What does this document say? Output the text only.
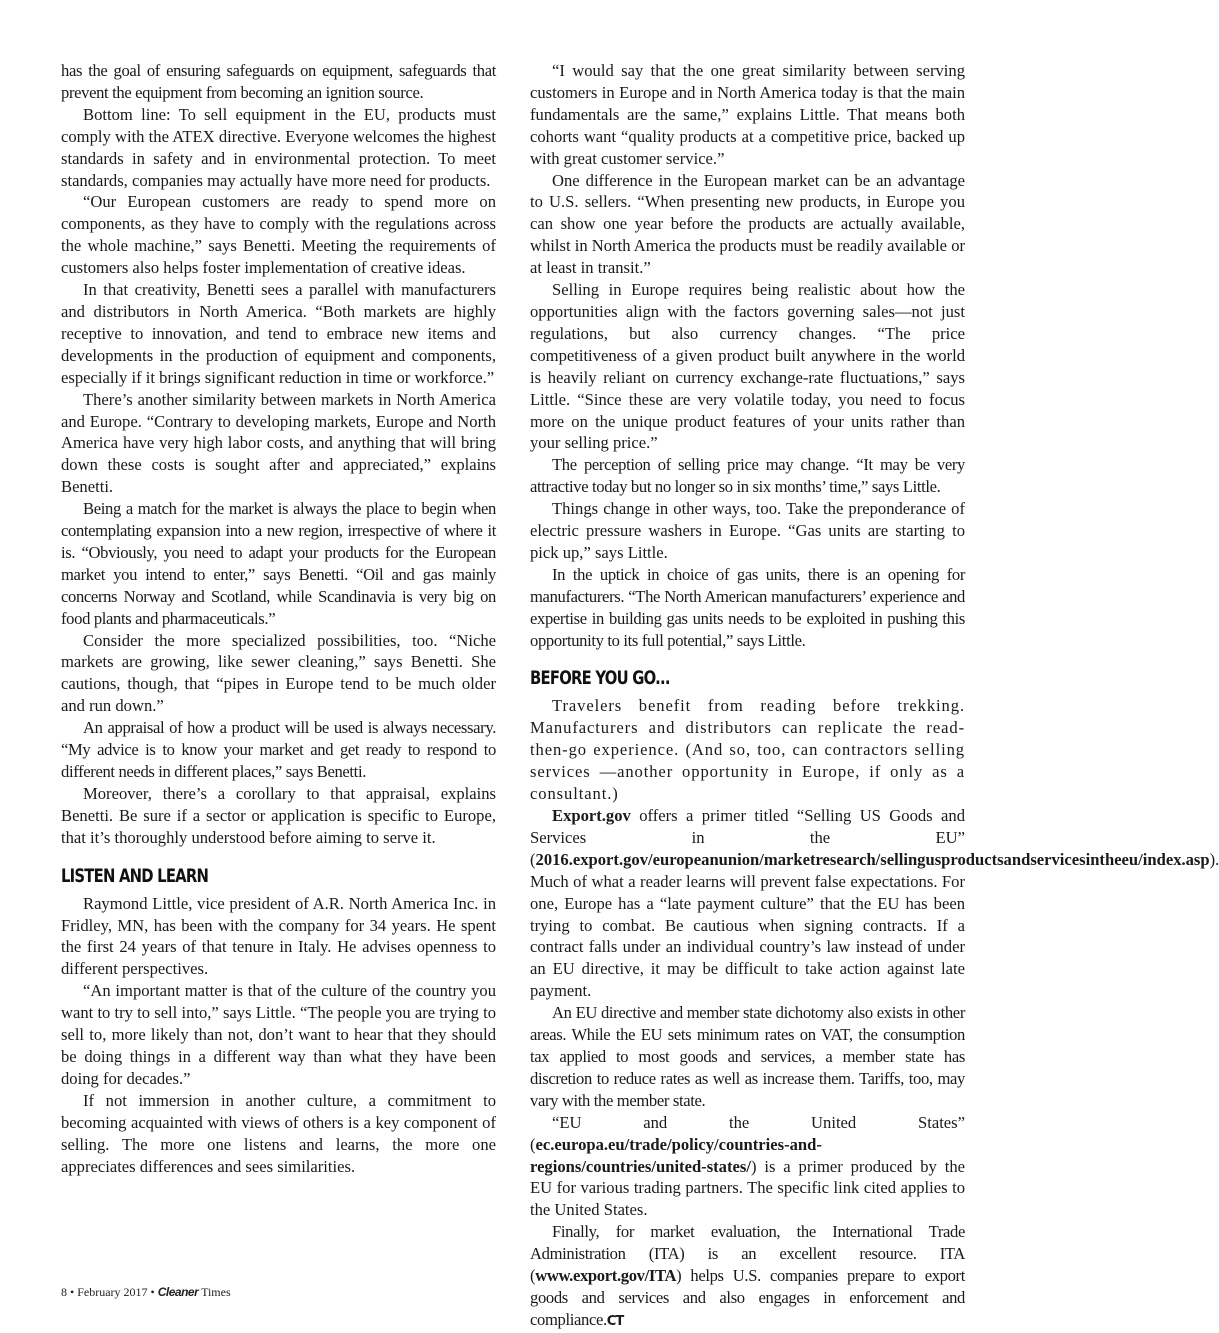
has the goal of ensuring safeguards on equipment, safeguards that prevent the equipment from becoming an ignition source.

Bottom line: To sell equipment in the EU, products must comply with the ATEX directive. Everyone welcomes the highest standards in safety and in environmental protection. To meet standards, companies may actually have more need for products.

“Our European customers are ready to spend more on components, as they have to comply with the regulations across the whole machine,” says Benetti. Meeting the requirements of customers also helps foster implementation of creative ideas.

In that creativity, Benetti sees a parallel with manufacturers and distributors in North America. “Both markets are highly receptive to innovation, and tend to embrace new items and developments in the production of equipment and components, especially if it brings significant reduction in time or workforce.”

There’s another similarity between markets in North America and Europe. “Contrary to developing markets, Europe and North America have very high labor costs, and anything that will bring down these costs is sought after and appreciated,” explains Benetti.

Being a match for the market is always the place to begin when contemplating expansion into a new region, irrespective of where it is. “Obviously, you need to adapt your products for the European market you intend to enter,” says Benetti. “Oil and gas mainly concerns Norway and Scotland, while Scandinavia is very big on food plants and pharmaceuticals.”

Consider the more specialized possibilities, too. “Niche markets are growing, like sewer cleaning,” says Benetti. She cautions, though, that “pipes in Europe tend to be much older and run down.”

An appraisal of how a product will be used is always necessary. “My advice is to know your market and get ready to respond to different needs in different places,” says Benetti.

Moreover, there’s a corollary to that appraisal, explains Benetti. Be sure if a sector or application is specific to Europe, that it’s thoroughly understood before aiming to serve it.

LISTEN AND LEARN

Raymond Little, vice president of A.R. North America Inc. in Fridley, MN, has been with the company for 34 years. He spent the first 24 years of that tenure in Italy. He advises openness to different perspectives.

“An important matter is that of the culture of the country you want to try to sell into,” says Little. “The people you are trying to sell to, more likely than not, don’t want to hear that they should be doing things in a different way than what they have been doing for decades.”

If not immersion in another culture, a commitment to becoming acquainted with views of others is a key component of selling. The more one listens and learns, the more one appreciates differences and sees similarities.

“I would say that the one great similarity between serving customers in Europe and in North America today is that the main fundamentals are the same,” explains Little. That means both cohorts want “quality products at a competitive price, backed up with great customer service.”

One difference in the European market can be an advantage to U.S. sellers. “When presenting new products, in Europe you can show one year before the products are actually available, whilst in North America the products must be readily available or at least in transit.”

Selling in Europe requires being realistic about how the opportunities align with the factors governing sales—not just regulations, but also currency changes. “The price competitiveness of a given product built anywhere in the world is heavily reliant on currency exchange-rate fluctuations,” says Little. “Since these are very volatile today, you need to focus more on the unique product features of your units rather than your selling price.”

The perception of selling price may change. “It may be very attractive today but no longer so in six months’ time,” says Little.

Things change in other ways, too. Take the preponderance of electric pressure washers in Europe. “Gas units are starting to pick up,” says Little.

In the uptick in choice of gas units, there is an opening for manufacturers. “The North American manufacturers’ experience and expertise in building gas units needs to be exploited in pushing this opportunity to its full potential,” says Little.

BEFORE YOU GO...

Travelers benefit from reading before trekking. Manufacturers and distributors can replicate the read-then-go experience. (And so, too, can contractors selling services —another opportunity in Europe, if only as a consultant.)

Export.gov offers a primer titled “Selling US Goods and Services in the EU” (2016.export.gov/europeanunion/marketresearch/sellingusproductsandservicesintheeu/index.asp). Much of what a reader learns will prevent false expectations. For one, Europe has a “late payment culture” that the EU has been trying to combat. Be cautious when signing contracts. If a contract falls under an individual country’s law instead of under an EU directive, it may be difficult to take action against late payment.

An EU directive and member state dichotomy also exists in other areas. While the EU sets minimum rates on VAT, the consumption tax applied to most goods and services, a member state has discretion to reduce rates as well as increase them. Tariffs, too, may vary with the member state.

“EU and the United States” (ec.europa.eu/trade/policy/countries-and-regions/countries/united-states/) is a primer produced by the EU for various trading partners. The specific link cited applies to the United States.

Finally, for market evaluation, the International Trade Administration (ITA) is an excellent resource. ITA (www.export.gov/ITA) helps U.S. companies prepare to export goods and services and also engages in enforcement and compliance.CT

8 • February 2017 • Cleaner Times
